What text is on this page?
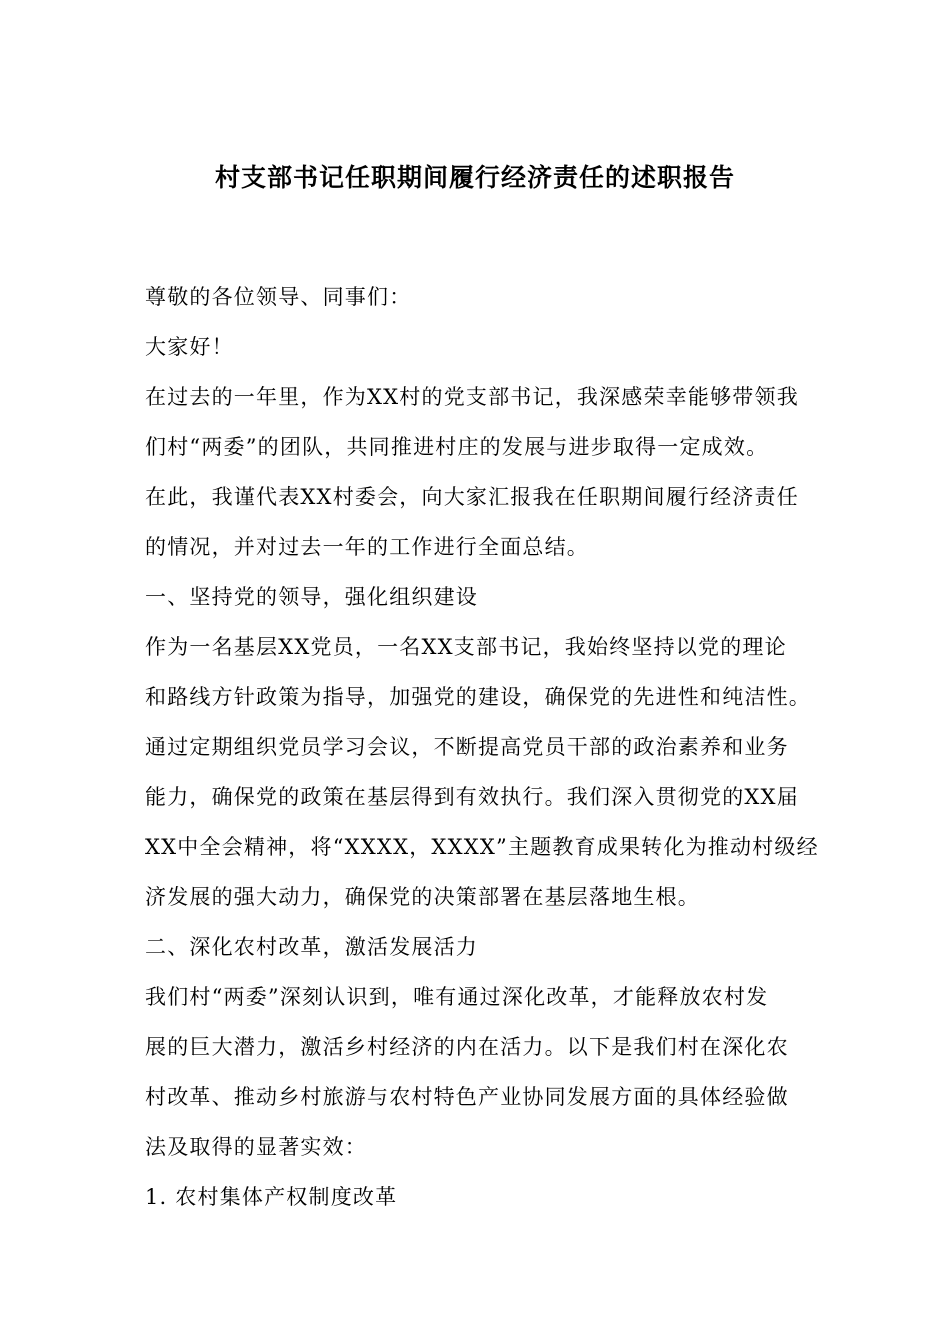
村支部书记任职期间履行经济责任的述职报告
尊敬的各位领导、同事们：
大家好！
在过去的一年里，作为XX村的党支部书记，我深感荣幸能够带领我
们村“两委”的团队，共同推进村庄的发展与进步取得一定成效。
在此，我谨代表XX村委会，向大家汇报我在任职期间履行经济责任
的情况，并对过去一年的工作进行全面总结。
一、坚持党的领导，强化组织建设
作为一名基层XX党员，一名XX支部书记，我始终坚持以党的理论
和路线方针政策为指导，加强党的建设，确保党的先进性和纯洁性。
通过定期组织党员学习会议，不断提高党员干部的政治素养和业务
能力，确保党的政策在基层得到有效执行。我们深入贯彻党的XX届
XX中全会精神，将“XXXX，XXXX”主题教育成果转化为推动村级经
济发展的强大动力，确保党的决策部署在基层落地生根。
二、深化农村改革，激活发展活力
我们村“两委”深刻认识到，唯有通过深化改革，才能释放农村发
展的巨大潜力，激活乡村经济的内在活力。以下是我们村在深化农
村改革、推动乡村旅游与农村特色产业协同发展方面的具体经验做
法及取得的显著实效：
1. 农村集体产权制度改革
